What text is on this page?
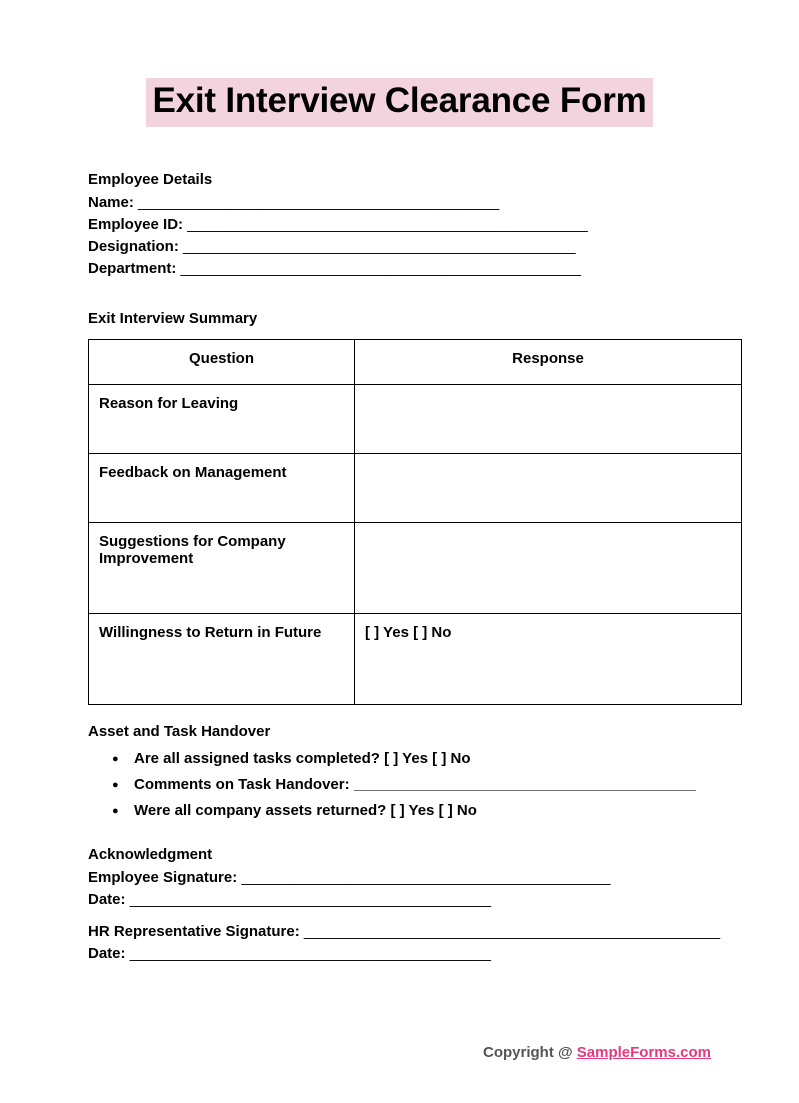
Exit Interview Clearance Form
Employee Details
Name: ______________________________________________
Employee ID: ___________________________________________________
Designation: __________________________________________________
Department: ___________________________________________________
Exit Interview Summary
Question	Response
Reason for Leaving	
Feedback on Management	
Suggestions for Company Improvement	
Willingness to Return in Future	[ ] Yes [ ] No
Asset and Task Handover
● Are all assigned tasks completed? [ ] Yes [ ] No
● Comments on Task Handover: _________________________________________
● Were all company assets returned? [ ] Yes [ ] No
Acknowledgment
Employee Signature: _______________________________________________
Date: ______________________________________________
HR Representative Signature: _____________________________________________________
Date: ______________________________________________
Copyright @ SampleForms.com
